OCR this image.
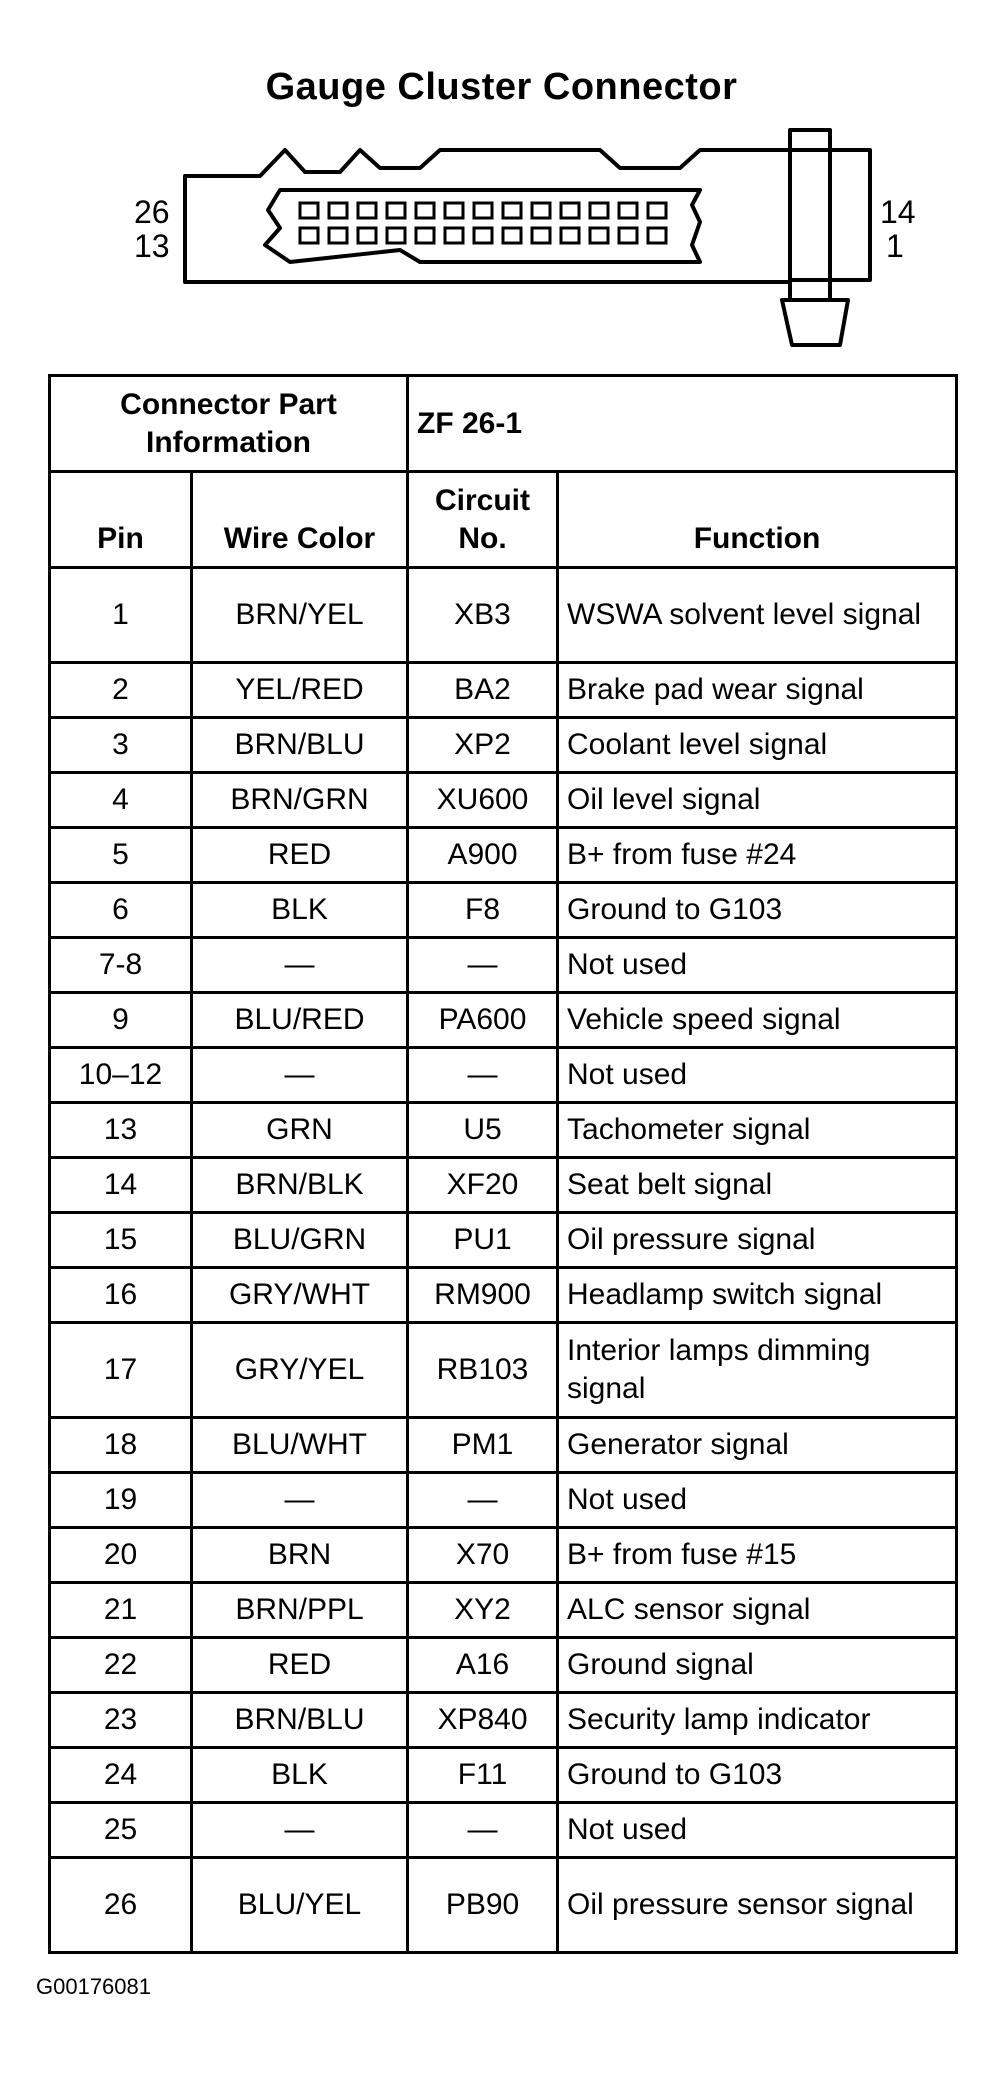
Gauge Cluster Connector
26
13
14
1
Connector Part Information		ZF 26-1	
Pin	Wire Color	Circuit No.	Function
1	BRN/YEL	XB3	WSWA solvent level signal
2	YEL/RED	BA2	Brake pad wear signal
3	BRN/BLU	XP2	Coolant level signal
4	BRN/GRN	XU600	Oil level signal
5	RED	A900	B+ from fuse #24
6	BLK	F8	Ground to G103
7-8	—	—	Not used
9	BLU/RED	PA600	Vehicle speed signal
10–12	—	—	Not used
13	GRN	U5	Tachometer signal
14	BRN/BLK	XF20	Seat belt signal
15	BLU/GRN	PU1	Oil pressure signal
16	GRY/WHT	RM900	Headlamp switch signal
17	GRY/YEL	RB103	Interior lamps dimming signal
18	BLU/WHT	PM1	Generator signal
19	—	—	Not used
20	BRN	X70	B+ from fuse #15
21	BRN/PPL	XY2	ALC sensor signal
22	RED	A16	Ground signal
23	BRN/BLU	XP840	Security lamp indicator
24	BLK	F11	Ground to G103
25	—	—	Not used
26	BLU/YEL	PB90	Oil pressure sensor signal
G00176081
